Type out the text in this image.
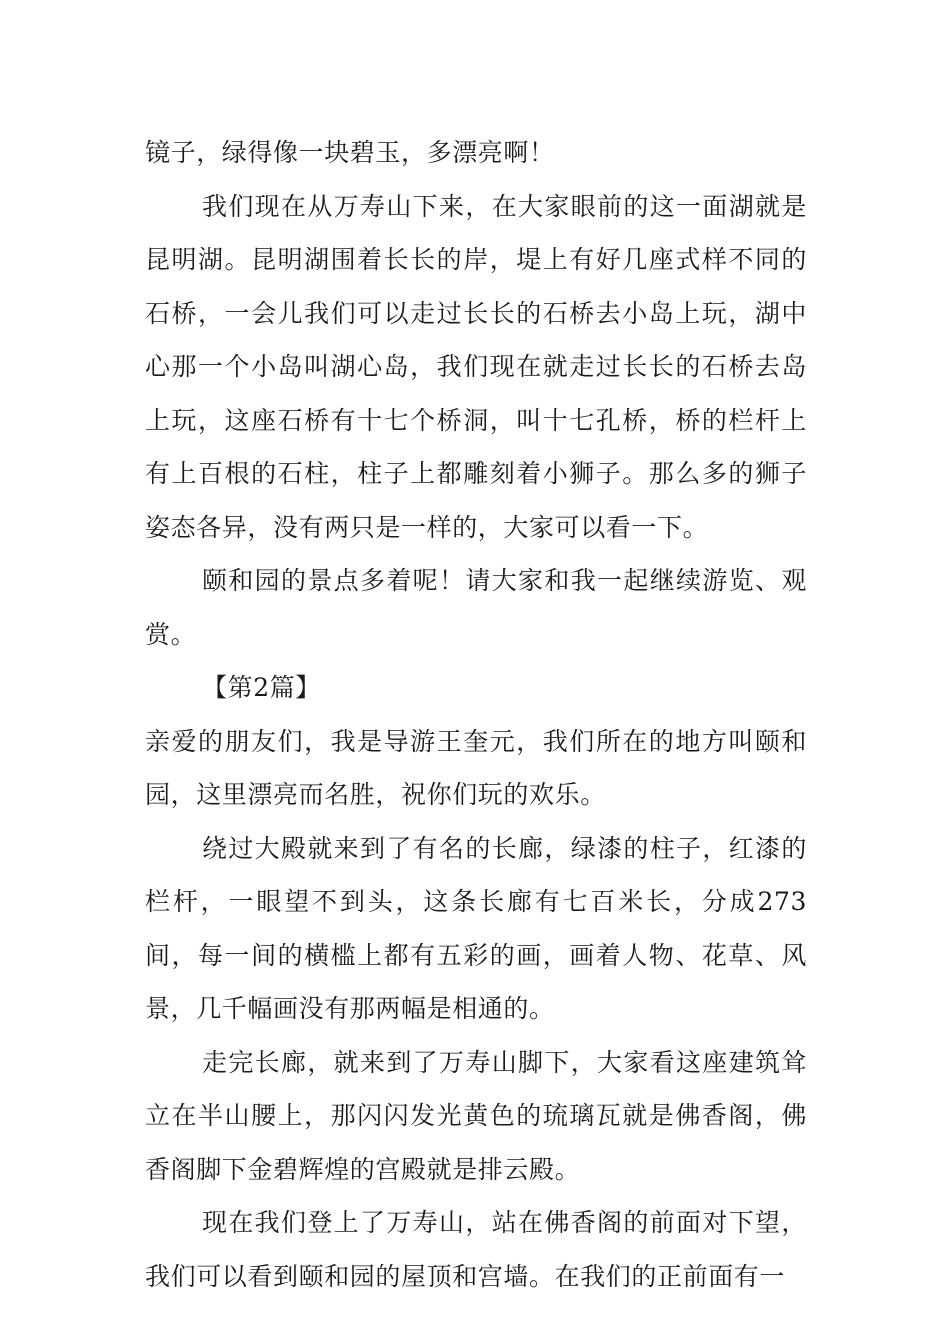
镜子，绿得像一块碧玉，多漂亮啊！

我们现在从万寿山下来，在大家眼前的这一面湖就是昆明湖。昆明湖围着长长的岸，堤上有好几座式样不同的石桥，一会儿我们可以走过长长的石桥去小岛上玩，湖中心那一个小岛叫湖心岛，我们现在就走过长长的石桥去岛上玩，这座石桥有十七个桥洞，叫十七孔桥，桥的栏杆上有上百根的石柱，柱子上都雕刻着小狮子。那么多的狮子姿态各异，没有两只是一样的，大家可以看一下。

颐和园的景点多着呢！请大家和我一起继续游览、观赏。

【第2篇】

亲爱的朋友们，我是导游王奎元，我们所在的地方叫颐和园，这里漂亮而名胜，祝你们玩的欢乐。

绕过大殿就来到了有名的长廊，绿漆的柱子，红漆的栏杆，一眼望不到头，这条长廊有七百米长，分成273间，每一间的横槛上都有五彩的画，画着人物、花草、风景，几千幅画没有那两幅是相通的。

走完长廊，就来到了万寿山脚下，大家看这座建筑耸立在半山腰上，那闪闪发光黄色的琉璃瓦就是佛香阁，佛香阁脚下金碧辉煌的宫殿就是排云殿。

现在我们登上了万寿山，站在佛香阁的前面对下望，我们可以看到颐和园的屋顶和宫墙。在我们的正前面有一
